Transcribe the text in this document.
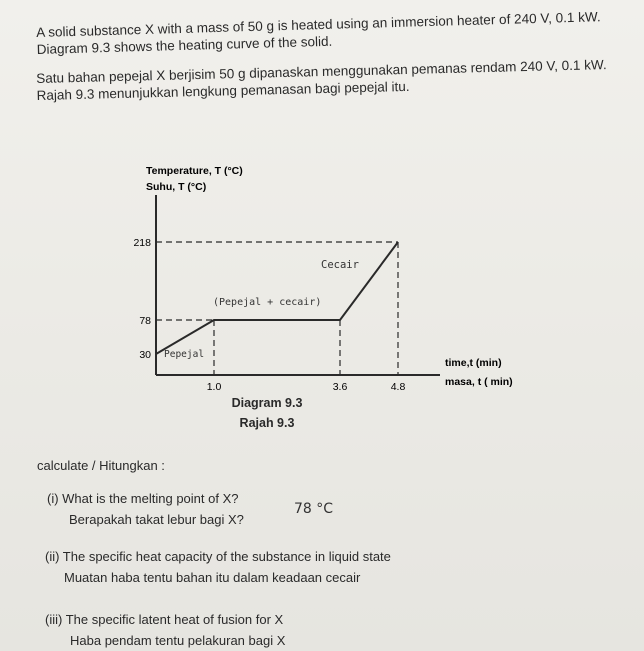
A solid substance X with a mass of 50 g is heated using an immersion heater of 240 V, 0.1 kW.

Diagram 9.3 shows the heating curve of the solid.

Satu bahan pepejal X berjisim 50 g dipanaskan menggunakan pemanas rendam 240 V, 0.1 kW.

Rajah 9.3 menunjukkan lengkung pemanasan bagi pepejal itu.

Temperature, T (°C)
Suhu, T (°C)
time,t (min)
masa, t ( min)
1.0	3.6	4.8
30
78
218
Pepejal
(Pepejal + cecair)
Cecair
Diagram 9.3
Rajah 9.3
calculate / Hitungkan :
(i) What is the melting point of X?
Berapakah takat lebur bagi X?
78 °C
(ii) The specific heat capacity of the substance in liquid state
Muatan haba tentu bahan itu dalam keadaan cecair
(iii) The specific latent heat of fusion for X
Haba pendam tentu pelakuran bagi X
